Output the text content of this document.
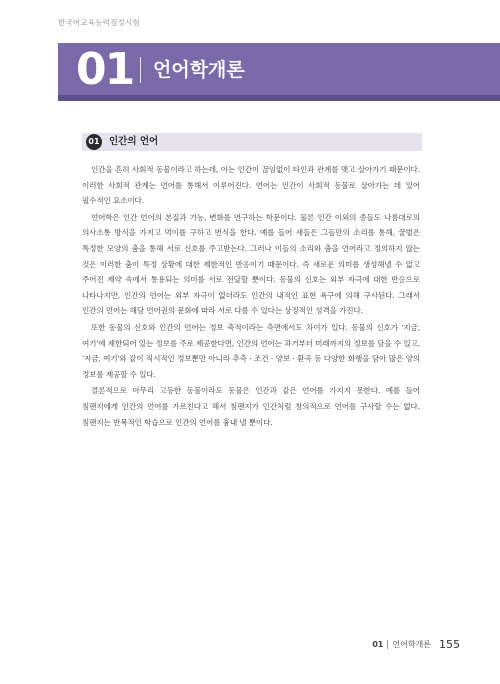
한국어교육능력검정시험
01 언어학개론
01 인간의 언어

인간을 흔히 사회적 동물이라고 하는데, 이는 인간이 끊임없이 타인과 관계를 맺고 살아가기 때문이다. 이러한 사회적 관계는 언어를 통해서 이루어진다. 언어는 인간이 사회적 동물로 살아가는 데 있어 필수적인 요소이다.

언어학은 인간 언어의 본질과 기능, 변화를 연구하는 학문이다. 물론 인간 이외의 종들도 나름대로의 의사소통 방식을 가지고 먹이를 구하고 번식을 한다. 예를 들어 새들은 그들만의 소리를 통해, 꿀벌은 특정한 모양의 춤을 통해 서로 신호를 주고받는다. 그러나 이들의 소리와 춤을 언어라고 정의하지 않는 것은 이러한 춤이 특정 상황에 대한 제한적인 반응이기 때문이다. 즉 새로운 의미를 생성해낼 수 없고 주어진 제약 속에서 통용되는 의미를 서로 전달할 뿐이다. 동물의 신호는 외부 자극에 대한 반응으로 나타나지만, 인간의 언어는 외부 자극이 없더라도 인간의 내적인 표현 욕구에 의해 구사된다. 그래서 인간의 언어는 해당 언어권의 문화에 따라 서로 다를 수 있다는 상징적인 성격을 가진다.

또한 동물의 신호와 인간의 언어는 정보 축적이라는 측면에서도 차이가 있다. 동물의 신호가 '지금, 여기'에 제한되어 있는 정보를 주로 제공한다면, 인간의 언어는 과거부터 미래까지의 정보를 담을 수 있고, '지금, 여기'와 같이 직시적인 정보뿐만 아니라 추측 · 조건 · 양보 · 환곡 등 다양한 화행을 담아 많은 양의 정보를 제공할 수 있다.

결론적으로 아무리 고등한 동물이라도 동물은 인간과 같은 언어를 가지지 못한다. 예를 들어 침팬지에게 인간의 언어를 가르친다고 해서 침팬지가 인간처럼 창의적으로 언어를 구사할 수는 없다. 침팬지는 반복적인 학습으로 인간의 언어를 흉내 낼 뿐이다.

01 언어학개론 155
